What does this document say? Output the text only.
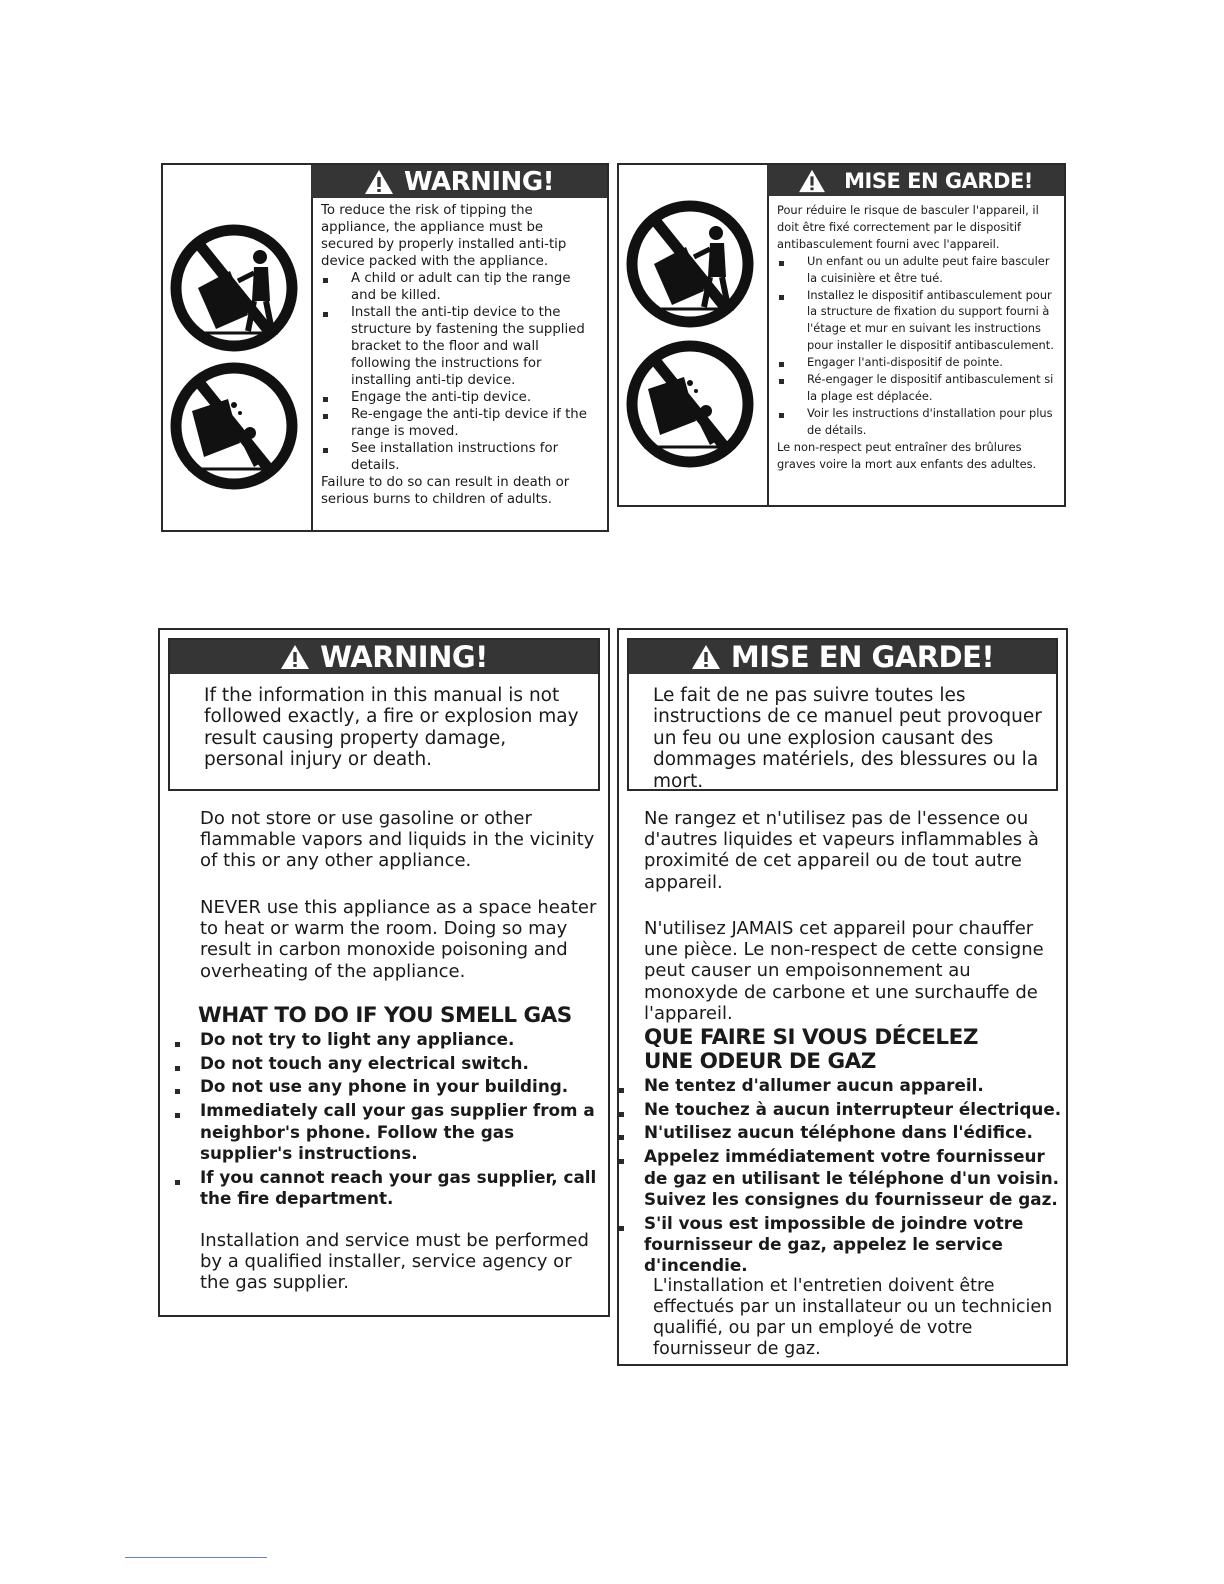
WARNING!
To reduce the risk of tipping the appliance, the appliance must be secured by properly installed anti-tip device packed with the appliance.
A child or adult can tip the range and be killed.
Install the anti-tip device to the structure by fastening the supplied bracket to the floor and wall following the instructions for installing anti-tip device.
Engage the anti-tip device.
Re-engage the anti-tip device if the range is moved.
See installation instructions for details.
Failure to do so can result in death or serious burns to children of adults.
MISE EN GARDE!
Pour réduire le risque de basculer l'appareil, il doit être fixé correctement par le dispositif antibasculement fourni avec l'appareil.
Un enfant ou un adulte peut faire basculer la cuisinière et être tué.
Installez le dispositif antibasculement pour la structure de fixation du support fourni à l'étage et mur en suivant les instructions pour installer le dispositif antibasculement.
Engager l'anti-dispositif de pointe.
Ré-engager le dispositif antibasculement si la plage est déplacée.
Voir les instructions d'installation pour plus de détails.
Le non-respect peut entraîner des brûlures graves voire la mort aux enfants des adultes.
WARNING!
If the information in this manual is not followed exactly, a fire or explosion may result causing property damage, personal injury or death.
Do not store or use gasoline or other flammable vapors and liquids in the vicinity of this or any other appliance.
NEVER use this appliance as a space heater to heat or warm the room. Doing so may result in carbon monoxide poisoning and overheating of the appliance.
WHAT TO DO IF YOU SMELL GAS
Do not try to light any appliance.
Do not touch any electrical switch.
Do not use any phone in your building.
Immediately call your gas supplier from a neighbor's phone. Follow the gas supplier's instructions.
If you cannot reach your gas supplier, call the fire department.
Installation and service must be performed by a qualified installer, service agency or the gas supplier.
MISE EN GARDE!
Le fait de ne pas suivre toutes les instructions de ce manuel peut provoquer un feu ou une explosion causant des dommages matériels, des blessures ou la mort.
Ne rangez et n'utilisez pas de l'essence ou d'autres liquides et vapeurs inflammables à proximité de cet appareil ou de tout autre appareil.
N'utilisez JAMAIS cet appareil pour chauffer une pièce. Le non-respect de cette consigne peut causer un empoisonnement au monoxyde de carbone et une surchauffe de l'appareil.
QUE FAIRE SI VOUS DÉCELEZ
UNE ODEUR DE GAZ
Ne tentez d'allumer aucun appareil.
Ne touchez à aucun interrupteur électrique.
N'utilisez aucun téléphone dans l'édifice.
Appelez immédiatement votre fournisseur de gaz en utilisant le téléphone d'un voisin. Suivez les consignes du fournisseur de gaz.
S'il vous est impossible de joindre votre fournisseur de gaz, appelez le service d'incendie.
L'installation et l'entretien doivent être effectués par un installateur ou un technicien qualifié, ou par un employé de votre fournisseur de gaz.
